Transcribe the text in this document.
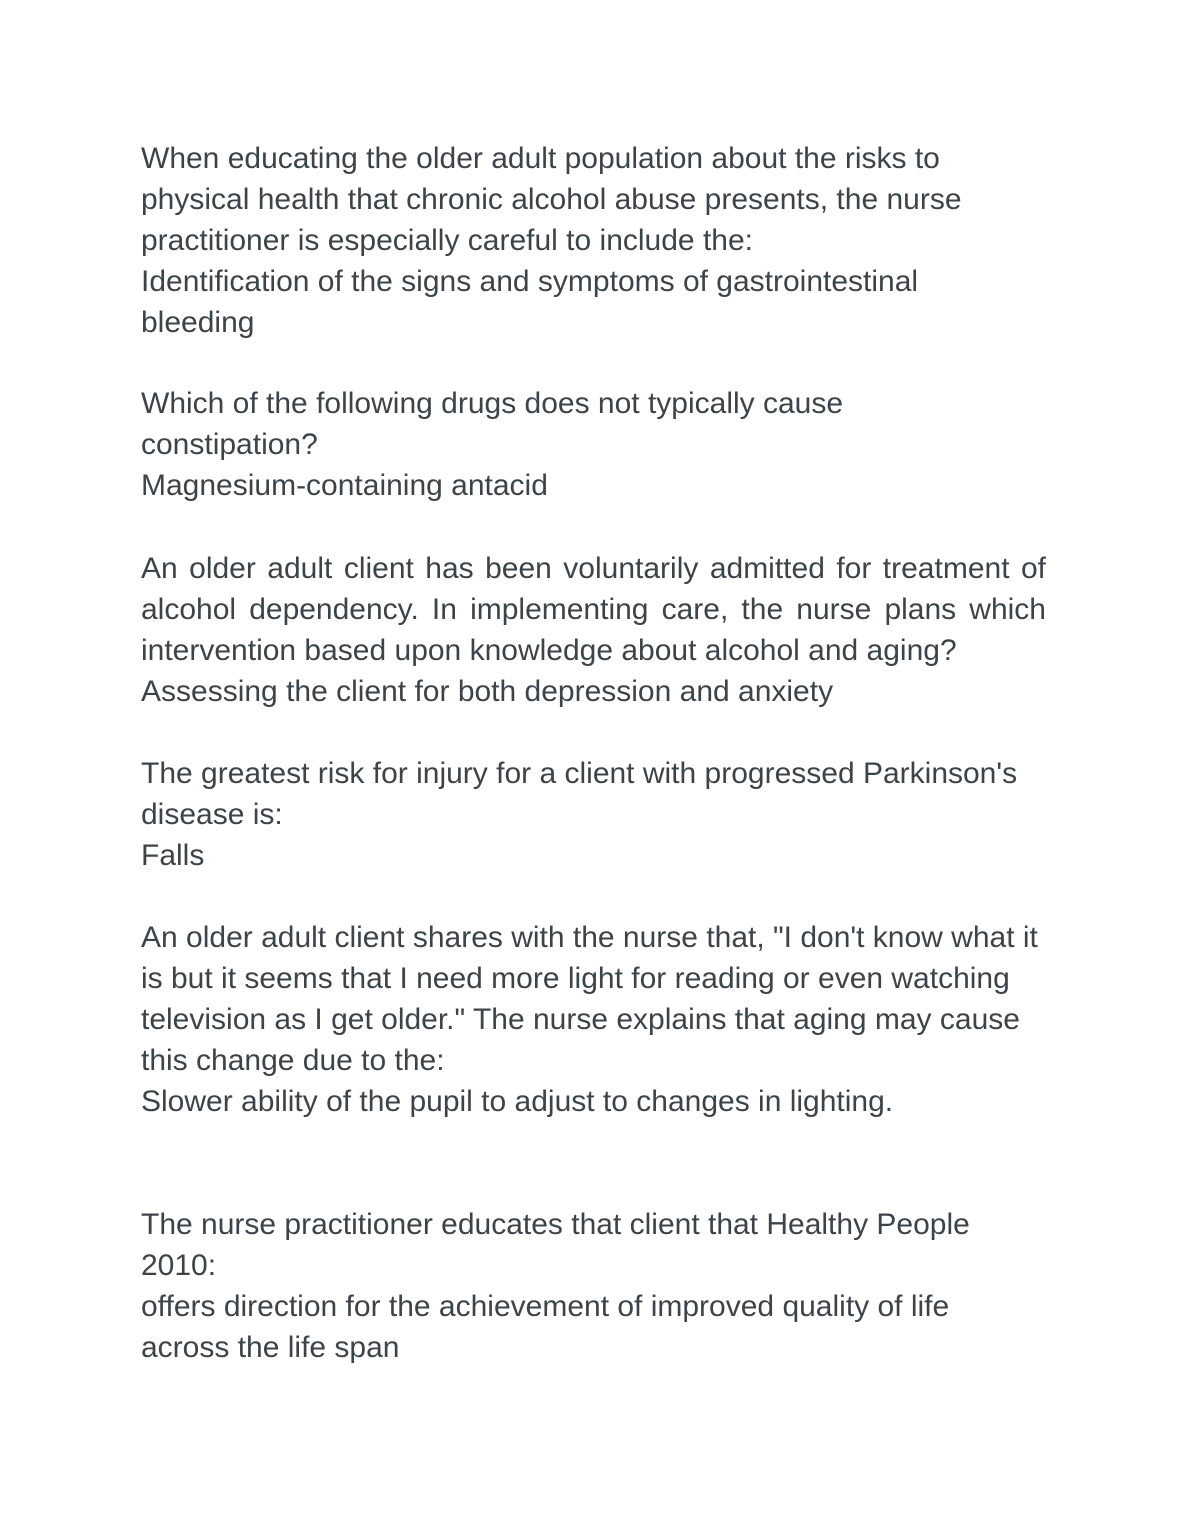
When educating the older adult population about the risks to physical health that chronic alcohol abuse presents, the nurse practitioner is especially careful to include the:

Identification of the signs and symptoms of gastrointestinal bleeding

Which of the following drugs does not typically cause constipation?

Magnesium-containing antacid

An older adult client has been voluntarily admitted for treatment of alcohol dependency. In implementing care, the nurse plans which intervention based upon knowledge about alcohol and aging?

Assessing the client for both depression and anxiety

The greatest risk for injury for a client with progressed Parkinson's disease is:

Falls

An older adult client shares with the nurse that, "I don't know what it is but it seems that I need more light for reading or even watching television as I get older." The nurse explains that aging may cause this change due to the:

Slower ability of the pupil to adjust to changes in lighting.

The nurse practitioner educates that client that Healthy People 2010:

offers direction for the achievement of improved quality of life across the life span
